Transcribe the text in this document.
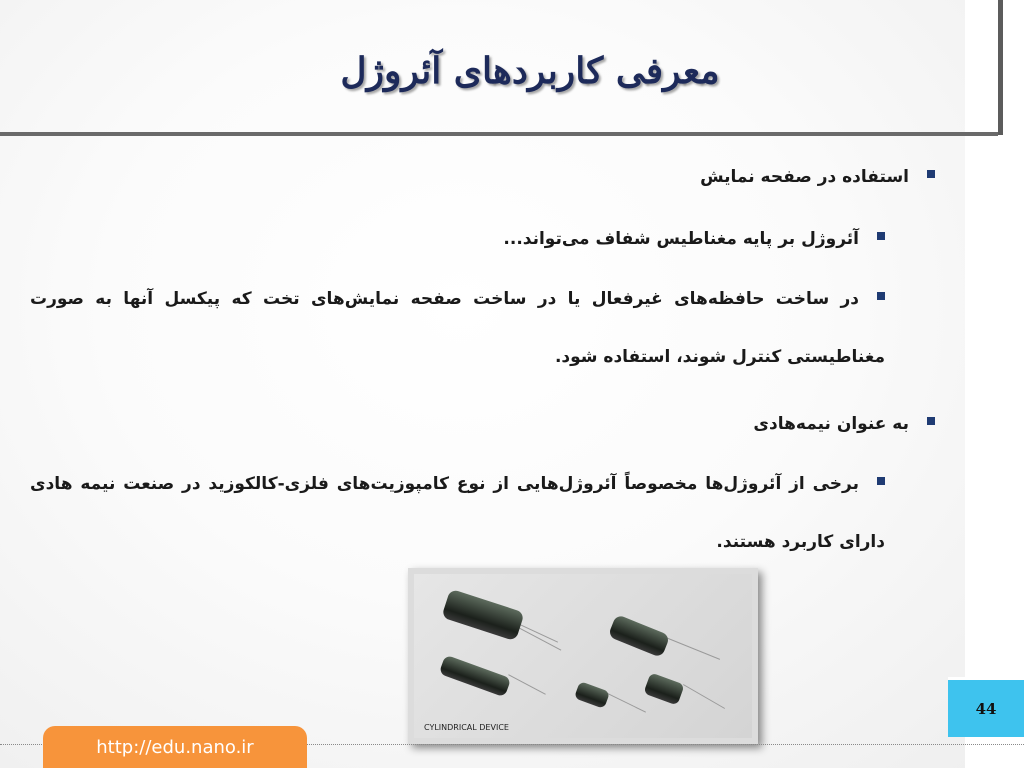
معرفی کاربردهای آئروژل
استفاده در صفحه نمایش
آئروژل بر پایه مغناطیس شفاف می‌تواند...
در ساخت حافظه‌های غیرفعال یا در ساخت صفحه نمایش‌های تخت که پیکسل آنها به صورت مغناطیستی کنترل شوند، استفاده شود.
به عنوان نیمه‌هادی
برخی از آئروژل‌ها مخصوصاً آئروژل‌هایی از نوع کامپوزیت‌های فلزی-کالکوزید در صنعت نیمه هادی دارای کاربرد هستند.
CYLINDRICAL DEVICE
44
http://edu.nano.ir
